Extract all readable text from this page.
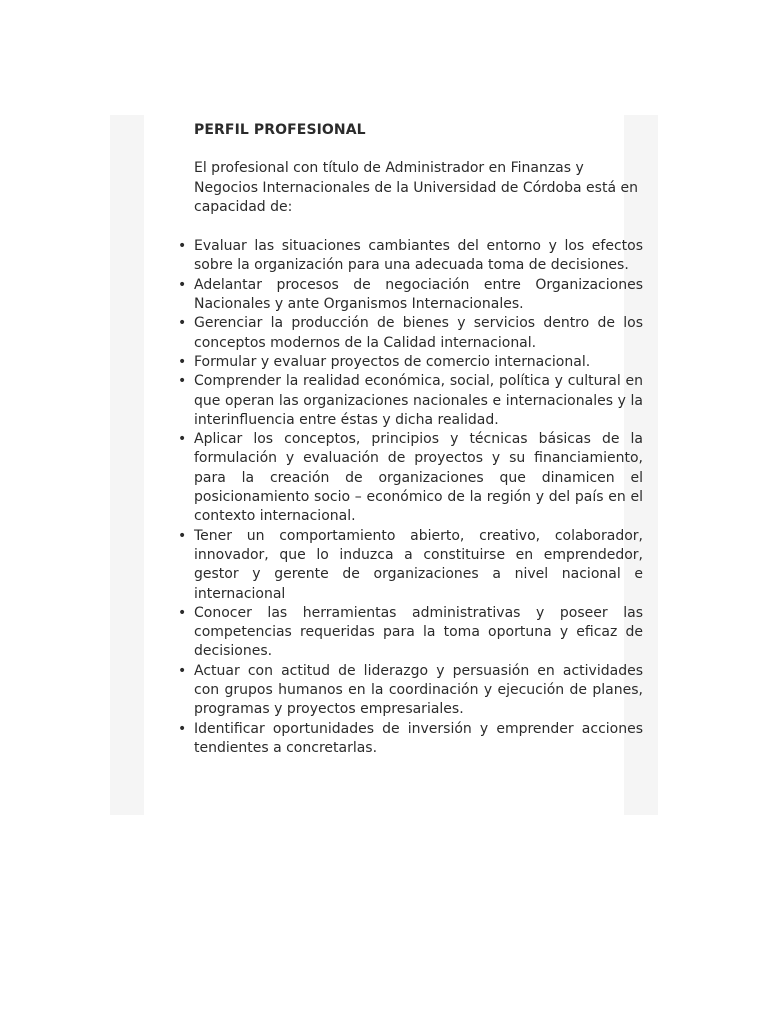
PERFIL PROFESIONAL

El profesional con título de Administrador en Finanzas y Negocios Internacionales de la Universidad de Córdoba está en capacidad de:

• Evaluar las situaciones cambiantes del entorno y los efectos sobre la organización para una adecuada toma de decisiones.
• Adelantar procesos de negociación entre Organizaciones Nacionales y ante Organismos Internacionales.
• Gerenciar la producción de bienes y servicios dentro de los conceptos modernos de la Calidad internacional.
• Formular y evaluar proyectos de comercio internacional.
• Comprender la realidad económica, social, política y cultural en que operan las organizaciones nacionales e internacionales y la interinfluencia entre éstas y dicha realidad.
• Aplicar los conceptos, principios y técnicas básicas de la formulación y evaluación de proyectos y su financiamiento, para la creación de organizaciones que dinamicen el posicionamiento socio – económico de la región y del país en el contexto internacional.
• Tener un comportamiento abierto, creativo, colaborador, innovador, que lo induzca a constituirse en emprendedor, gestor y gerente de organizaciones a nivel nacional e internacional
• Conocer las herramientas administrativas y poseer las competencias requeridas para la toma oportuna y eficaz de decisiones.
• Actuar con actitud de liderazgo y persuasión en actividades con grupos humanos en la coordinación y ejecución de planes, programas y proyectos empresariales.
• Identificar oportunidades de inversión y emprender acciones tendientes a concretarlas.
